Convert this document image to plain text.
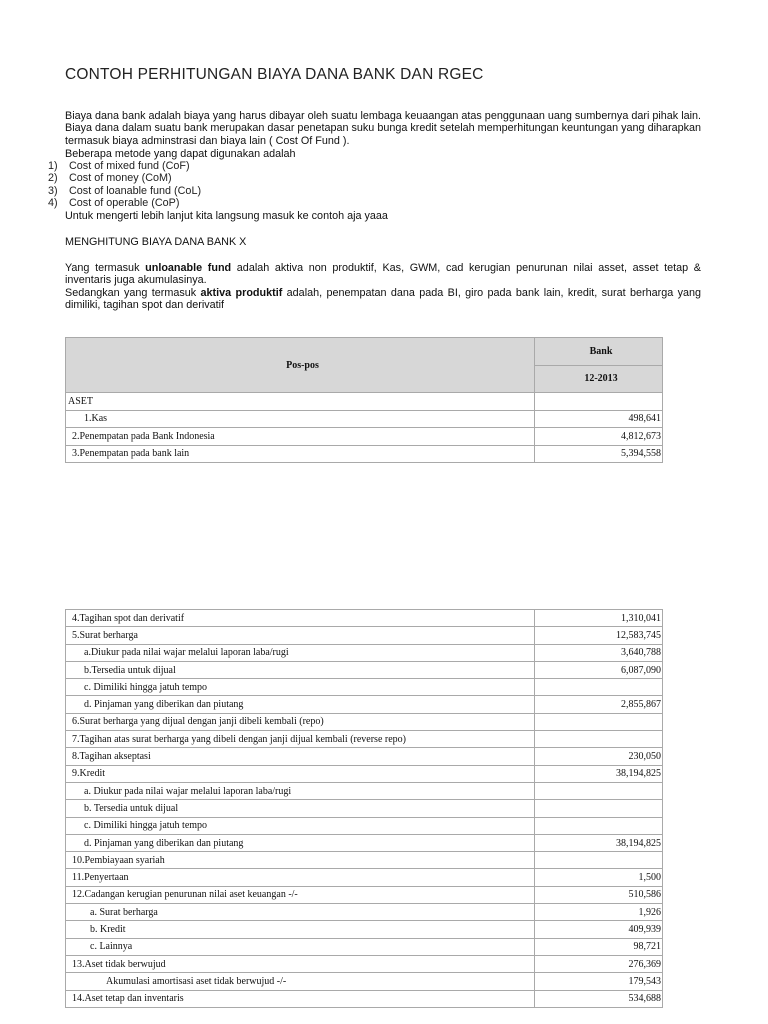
CONTOH PERHITUNGAN BIAYA DANA BANK DAN RGEC
Biaya dana bank adalah biaya yang harus dibayar oleh suatu lembaga keuaangan atas penggunaan uang sumbernya dari pihak lain. Biaya dana dalam suatu bank merupakan dasar penetapan suku bunga kredit setelah memperhitungan keuntungan yang diharapkan termasuk biaya adminstrasi dan biaya lain ( Cost Of Fund ).
Beberapa metode yang dapat digunakan adalah
1)	Cost of mixed fund (CoF)
2)	Cost of money (CoM)
3)	Cost of loanable fund (CoL)
4)	Cost of operable (CoP)
Untuk mengerti lebih lanjut kita langsung masuk ke contoh aja yaaa
MENGHITUNG BIAYA DANA BANK X
Yang termasuk unloanable fund adalah aktiva non produktif, Kas, GWM, cad kerugian penurunan nilai asset, asset tetap & inventaris juga akumulasinya.
Sedangkan yang termasuk aktiva produktif adalah, penempatan dana pada BI, giro pada bank lain, kredit, surat berharga yang dimiliki, tagihan spot dan derivatif
Pos-pos	Bank
	12-2013
ASET	
1.Kas	498,641
2.Penempatan pada Bank Indonesia	4,812,673
3.Penempatan pada bank lain	5,394,558
4.Tagihan spot dan derivatif	1,310,041
5.Surat berharga	12,583,745
a.Diukur pada nilai wajar melalui laporan laba/rugi	3,640,788
b.Tersedia untuk dijual	6,087,090
c. Dimiliki hingga jatuh tempo	
d. Pinjaman yang diberikan dan piutang	2,855,867
6.Surat berharga yang dijual dengan janji dibeli kembali (repo)	
7.Tagihan atas surat berharga yang dibeli dengan janji dijual kembali (reverse repo)	
8.Tagihan akseptasi	230,050
9.Kredit	38,194,825
a. Diukur pada nilai wajar melalui laporan laba/rugi	
b. Tersedia untuk dijual	
c. Dimiliki hingga jatuh tempo	
d. Pinjaman yang diberikan dan piutang	38,194,825
10.Pembiayaan syariah	
11.Penyertaan	1,500
12.Cadangan kerugian penurunan nilai aset keuangan -/-	510,586
a. Surat berharga	1,926
b. Kredit	409,939
c. Lainnya	98,721
13.Aset tidak berwujud	276,369
Akumulasi amortisasi aset tidak berwujud -/-	179,543
14.Aset tetap dan inventaris	534,688
